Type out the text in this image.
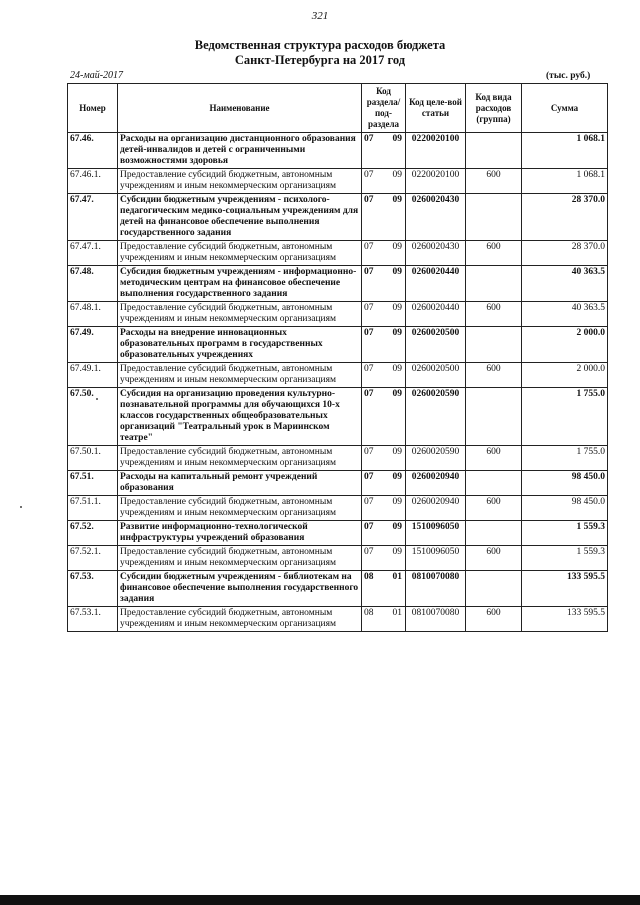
321
Ведомственная структура расходов бюджета
Санкт-Петербурга на 2017 год
24-май-2017	(тыс. руб.)
Номер	Наименование	Код раздела/ под-раздела	Код целе-вой статьи	Код вида расходов (группа)	Сумма
67.46.	Расходы на организацию дистанционного образования детей-инвалидов и детей с ограниченными возможностями здоровья	07 09	0220020100		1 068.1
67.46.1.	Предоставление субсидий бюджетным, автономным учреждениям и иным некоммерческим организациям	07 09	0220020100	600	1 068.1
67.47.	Субсидии бюджетным учреждениям - психолого-педагогическим медико-социальным учреждениям для детей на финансовое обеспечение выполнения государственного задания	07 09	0260020430		28 370.0
67.47.1.	Предоставление субсидий бюджетным, автономным учреждениям и иным некоммерческим организациям	07 09	0260020430	600	28 370.0
67.48.	Субсидия бюджетным учреждениям - информационно-методическим центрам на финансовое обеспечение выполнения государственного задания	07 09	0260020440		40 363.5
67.48.1.	Предоставление субсидий бюджетным, автономным учреждениям и иным некоммерческим организациям	07 09	0260020440	600	40 363.5
67.49.	Расходы на внедрение инновационных образовательных программ в государственных образовательных учреждениях	07 09	0260020500		2 000.0
67.49.1.	Предоставление субсидий бюджетным, автономным учреждениям и иным некоммерческим организациям	07 09	0260020500	600	2 000.0
67.50.	Субсидия на организацию проведения культурно-познавательной программы для обучающихся 10-х классов государственных общеобразовательных организаций "Театральный урок в Мариинском театре"	07 09	0260020590		1 755.0
67.50.1.	Предоставление субсидий бюджетным, автономным учреждениям и иным некоммерческим организациям	07 09	0260020590	600	1 755.0
67.51.	Расходы на капитальный ремонт учреждений образования	07 09	0260020940		98 450.0
67.51.1.	Предоставление субсидий бюджетным, автономным учреждениям и иным некоммерческим организациям	07 09	0260020940	600	98 450.0
67.52.	Развитие информационно-технологической инфраструктуры учреждений образования	07 09	1510096050		1 559.3
67.52.1.	Предоставление субсидий бюджетным, автономным учреждениям и иным некоммерческим организациям	07 09	1510096050	600	1 559.3
67.53.	Субсидии бюджетным учреждениям - библиотекам на финансовое обеспечение выполнения государственного задания	08 01	0810070080		133 595.5
67.53.1.	Предоставление субсидий бюджетным, автономным учреждениям и иным некоммерческим организациям	08 01	0810070080	600	133 595.5
